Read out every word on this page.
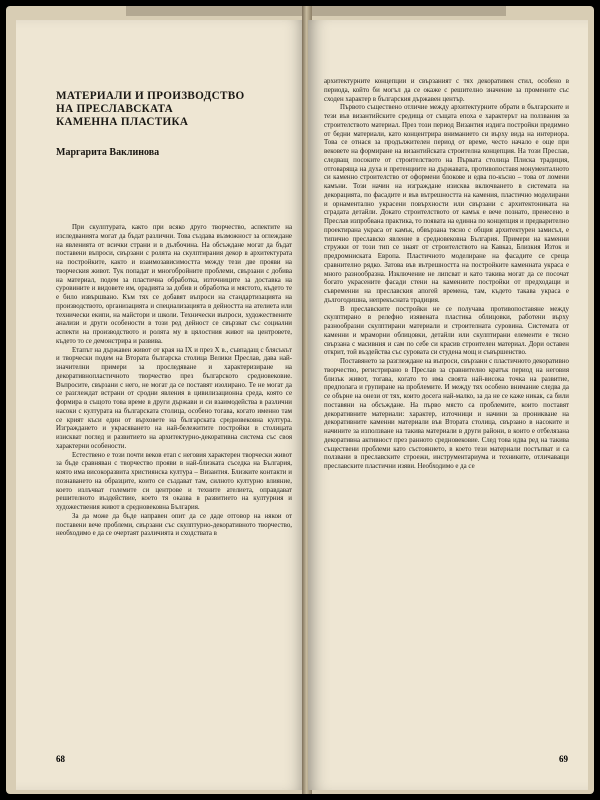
МАТЕРИАЛИ И ПРОИЗВОДСТВО
НА ПРЕСЛАВСКАТА
КАМЕННА ПЛАСТИКА
Маргарита Ваклинова

При скулптурата, както при всяко друго творчество, аспектите на изследванията могат да бъдат различни. Това създава възможност за оглеждане на явленията от всички страни и в дълбочина. На обсъждане могат да бъдат поставени въпроси, свързани с ролята на скулптирания декор в архитектурата на постройките, както и взаимозависимостта между тези две прояви на творческия живот. Тук попадат и многобройните проблеми, свързани с добива на материал, подем за пластична обработка, източниците за доставка на суровините и видовете им, орадията за добив и обработка и мястото, където те е било извършвано. Към тях се добавят въпроси на стандартизацията на производството, организацията и специализацията в дейността на ателиета или технически екипи, на майстори и школи. Технически въпроси, художествените анализи и други особености в този ред дейност се свързват със социални аспекти на производството и ролята му в цялостния живот на центровете, където то се демонстрира и развива.

Етапът на държавен живот от края на IX и през X в., съвпадащ с блясъкът и творчески подем на Втората българска столица Велики Преслав, дава най-значителни примери за проследяване и характеризиране на декоративнопластичното творчество през българското средновековие. Въпросите, свързани с него, не могат да се поставят изолирано. Те не могат да се разглеждат встрани от сродни явления в цивилизационна среда, която се формира в същото това време в други държави и си взаимодейства в различни насоки с културата на българската столица, особено тогава, когато именно там се крият къси един от върховете на българската средновековна култура. Изграждането и украсяването на най-бележитите постройки в столицата изискват поглед и развитието на архитектурно-декоративна система със своя характерни особености.

Естествено е този почти веков етап с неговия характерен творчески живот за бъде сравняван с творчество прояви в най-близката съседка на България, която има високоразвита християнска култура – Византия. Близките контакти и познаването на образците, които се създават там, силното културно влияние, което излъчват големите си центрове и техните ателиета, оправдават решителното въздействие, което тя оказва в развитието на културния и художествения живот в средновековна България.

За да може да бъде направен опит да се даде отговор на някои от поставени вече проблеми, свързани със скулптурно-декоративното творчество, необходимо е да се очертаят различията и сходствата в

68

архитектурните концепции и свързаният с тях декоративен стил, особено в периода, който би могъл да се окаже с решително значение за промените със сходен характер в българския държавен център.

Първото съществено отличие между архитектурните обрати в българските и тези във византийските средища от същата епоха е характерът на ползвания за строителството материал. През този период Византия издига постройки предимно от бедни материали, като концентрира вниманието си върху вида на интериора. Това се отнася за продължителен период от време, често начало е още при вековете на формиране на византийската строителна концепция. На този Преслав, следващ посоките от строителството на Първата столица Плиска традиция, отговаряща на духа и претенциите на държавата, противопоставя монументалното си каменно строителство от оформени блокове и едва по-късно – това от ломени камъни. Този начин на изграждане изисква включването в системата на декорацията, по фасадите и във вътрешността на камения, пластично моделирани и орнаментално украсени повърхности или свързани с архитектониката на сградата детайли. Докато строителството от камък е вече познато, пренесено в Преслав изпробвана практика, то появата на единна по концепция и предварително проектирана украса от камък, обвързана тясно с общия архитектурен замисъл, е типично преславско явление в средновековна България. Примери на каменни стружки от този тип се знаят от строителството на Кавказ, Близкия Изток и предромниската Европа. Пластичното моделиране на фасадите се среща сравнително рядко. Затова във вътрешността на постройките каменната украса е много разнообразна. Изключение не липсват и като такива могат да се посочат богато украсените фасади стени на каменните постройки от предходащи и съвременни на преславския апогей времена, там, където такава украса е дългогодишна, непрекъсната традиция.

В преславските постройки не се получава противопоставяне между скулптирано в релефно изявената пластика облицовки, работени върху разнообразни скулптирани материали и строителната суровина. Системата от каменни и мраморни облицовки, детайли или скулптирани елементи е тясно свързана с масивния и сам по себе си красив строителен материал. Дори оставен открит, той въздейства със суровата си студена мощ и съвършенство.

Поставянето за разглеждане на въпроси, свързани с пластичното декоративно творчество, регистрирано в Преслав за сравнително кратък период на неговия близък живот, тогава, когато то има своята най-висока точка на развитие, предполага и групиране на проблемите. И между тях особено внимание следва да се обърне на онези от тях, които досега най-малко, за да не се каже никак, са били поставяни на обсъждане. На първо място са проблемите, които поставят декоративните материали: характер, източници и начини за проникване на декоративните каменни материали във Втората столица, свързано в насоките и начините за използване на такива материали в други райони, в които е отбелязана декоративна активност през ранното средновековие. След това идва ред на такива съществени проблеми като състоянието, в което тези материали постъпват и са ползвани в преславските строежи, инструментариума и техниките, отличаващи преславските пластични изяви. Необходимо е да се

69
